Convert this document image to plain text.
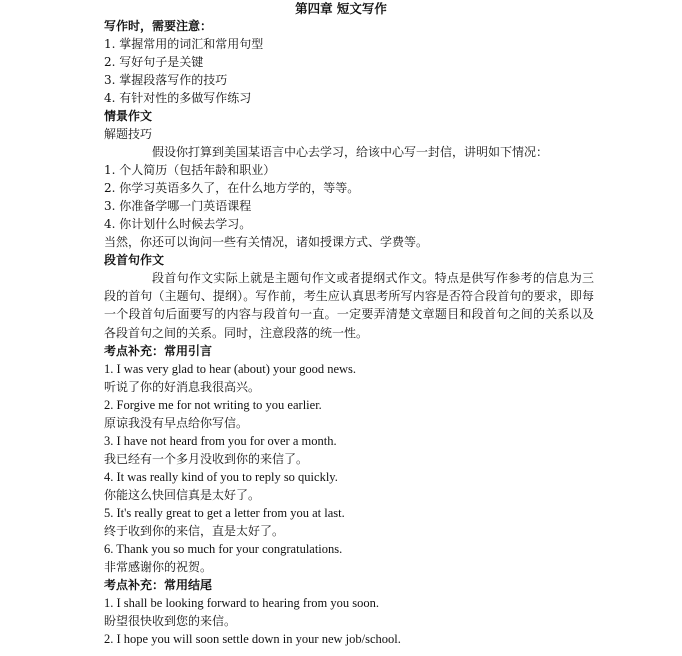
第四章 短文写作
写作时，需要注意：
1. 掌握常用的词汇和常用句型
2. 写好句子是关键
3. 掌握段落写作的技巧
4. 有针对性的多做写作练习
情景作文
解题技巧
假设你打算到美国某语言中心去学习，给该中心写一封信，讲明如下情况：
1. 个人简历（包括年龄和职业）
2. 你学习英语多久了，在什么地方学的，等等。
3. 你准备学哪一门英语课程
4. 你计划什么时候去学习。
当然，你还可以询问一些有关情况，诸如授课方式、学费等。
段首句作文
段首句作文实际上就是主题句作文或者提纲式作文。特点是供写作参考的信息为三段的首句（主题句、提纲）。写作前，考生应认真思考所写内容是否符合段首句的要求，即每一个段首句后面要写的内容与段首句一直。一定要弄清楚文章题目和段首句之间的关系以及各段首句之间的关系。同时，注意段落的统一性。
考点补充：常用引言
1. I was very glad to hear (about) your good news.
听说了你的好消息我很高兴。
2. Forgive me for not writing to you earlier.
原谅我没有早点给你写信。
3. I have not heard from you for over a month.
我已经有一个多月没收到你的来信了。
4. It was really kind of you to reply so quickly.
你能这么快回信真是太好了。
5. It's really great to get a letter from you at last.
终于收到你的来信，直是太好了。
6. Thank you so much for your congratulations.
非常感谢你的祝贺。
考点补充：常用结尾
1. I shall be looking forward to hearing from you soon.
盼望很快收到您的来信。
2. I hope you will soon settle down in your new job/school.
